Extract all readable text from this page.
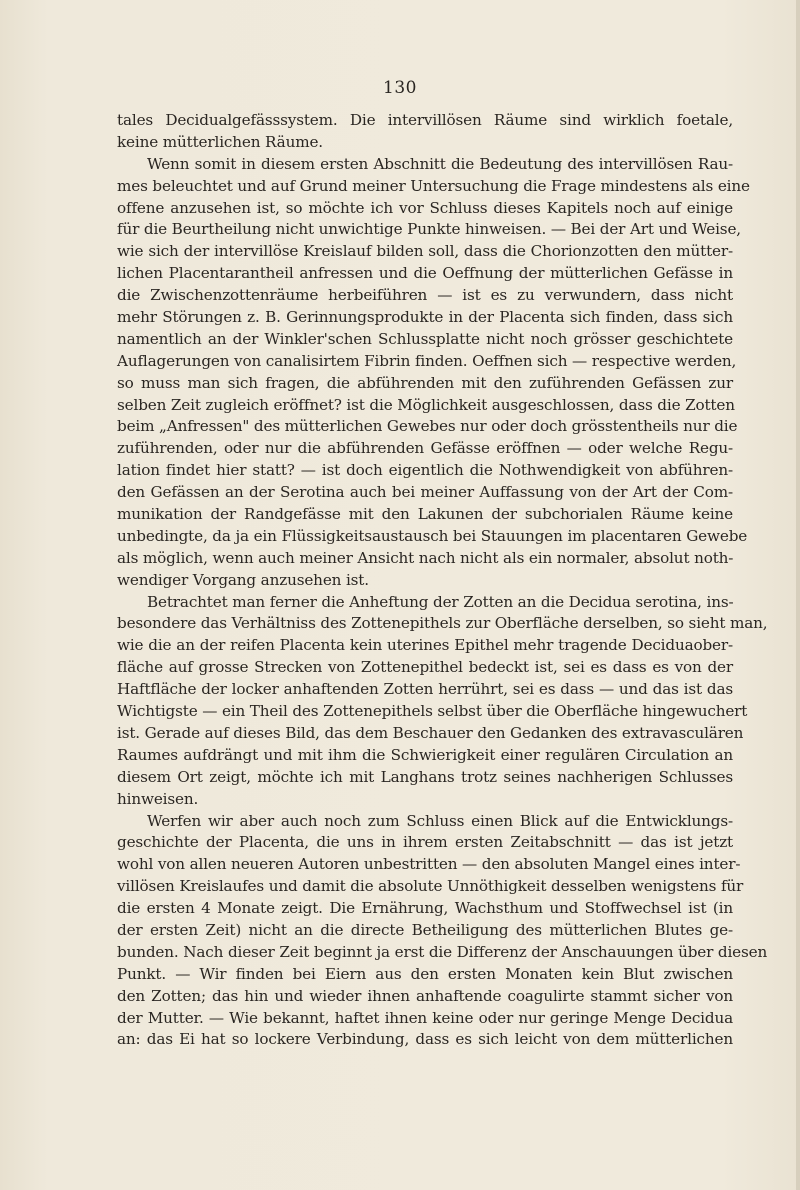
130
tales Decidualgefässsystem. Die intervillösen Räume sind wirklich foetale,
keine mütterlichen Räume.
Wenn somit in diesem ersten Abschnitt die Bedeutung des intervillösen Rau-
mes beleuchtet und auf Grund meiner Untersuchung die Frage mindestens als eine
offene anzusehen ist, so möchte ich vor Schluss dieses Kapitels noch auf einige
für die Beurtheilung nicht unwichtige Punkte hinweisen. — Bei der Art und Weise,
wie sich der intervillöse Kreislauf bilden soll, dass die Chorionzotten den mütter-
lichen Placentarantheil anfressen und die Oeffnung der mütterlichen Gefässe in
die Zwischenzottenräume herbeiführen — ist es zu verwundern, dass nicht
mehr Störungen z. B. Gerinnungsprodukte in der Placenta sich finden, dass sich
namentlich an der Winkler'schen Schlussplatte nicht noch grösser geschichtete
Auflagerungen von canalisirtem Fibrin finden. Oeffnen sich — respective werden,
so muss man sich fragen, die abführenden mit den zuführenden Gefässen zur
selben Zeit zugleich eröffnet? ist die Möglichkeit ausgeschlossen, dass die Zotten
beim „Anfressen" des mütterlichen Gewebes nur oder doch grösstentheils nur die
zuführenden, oder nur die abführenden Gefässe eröffnen — oder welche Regu-
lation findet hier statt? — ist doch eigentlich die Nothwendigkeit von abführen-
den Gefässen an der Serotina auch bei meiner Auffassung von der Art der Com-
munikation der Randgefässe mit den Lakunen der subchorialen Räume keine
unbedingte, da ja ein Flüssigkeitsaustausch bei Stauungen im placentaren Gewebe
als möglich, wenn auch meiner Ansicht nach nicht als ein normaler, absolut noth-
wendiger Vorgang anzusehen ist.
Betrachtet man ferner die Anheftung der Zotten an die Decidua serotina, ins-
besondere das Verhältniss des Zottenepithels zur Oberfläche derselben, so sieht man,
wie die an der reifen Placenta kein uterines Epithel mehr tragende Deciduaober-
fläche auf grosse Strecken von Zottenepithel bedeckt ist, sei es dass es von der
Haftfläche der locker anhaftenden Zotten herrührt, sei es dass — und das ist das
Wichtigste — ein Theil des Zottenepithels selbst über die Oberfläche hingewuchert
ist. Gerade auf dieses Bild, das dem Beschauer den Gedanken des extravasculären
Raumes aufdrängt und mit ihm die Schwierigkeit einer regulären Circulation an
diesem Ort zeigt, möchte ich mit Langhans trotz seines nachherigen Schlusses
hinweisen.
Werfen wir aber auch noch zum Schluss einen Blick auf die Entwicklungs-
geschichte der Placenta, die uns in ihrem ersten Zeitabschnitt — das ist jetzt
wohl von allen neueren Autoren unbestritten — den absoluten Mangel eines inter-
villösen Kreislaufes und damit die absolute Unnöthigkeit desselben wenigstens für
die ersten 4 Monate zeigt. Die Ernährung, Wachsthum und Stoffwechsel ist (in
der ersten Zeit) nicht an die directe Betheiligung des mütterlichen Blutes ge-
bunden. Nach dieser Zeit beginnt ja erst die Differenz der Anschauungen über diesen
Punkt. — Wir finden bei Eiern aus den ersten Monaten kein Blut zwischen
den Zotten; das hin und wieder ihnen anhaftende coagulirte stammt sicher von
der Mutter. — Wie bekannt, haftet ihnen keine oder nur geringe Menge Decidua
an: das Ei hat so lockere Verbindung, dass es sich leicht von dem mütterlichen
